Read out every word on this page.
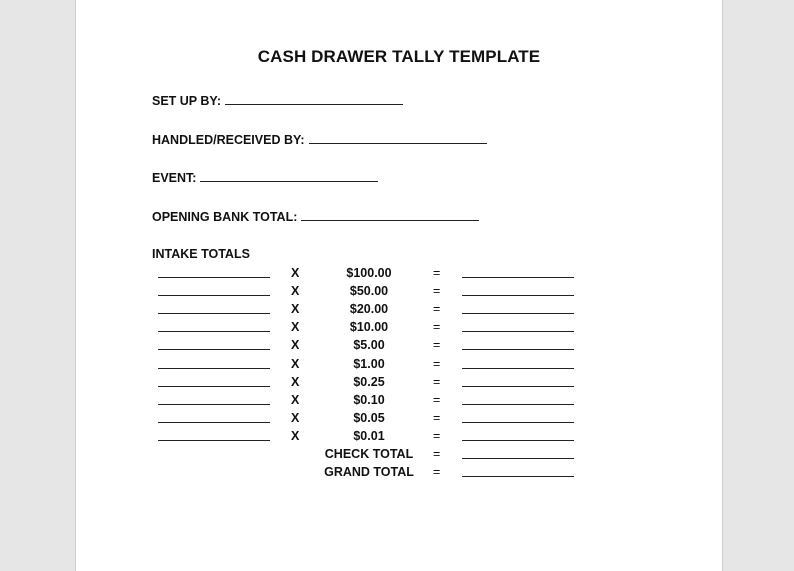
CASH DRAWER TALLY TEMPLATE
SET UP BY:
HANDLED/RECEIVED BY:
EVENT:
OPENING BANK TOTAL:
INTAKE TOTALS
X	$100.00	=
X	$50.00	=
X	$20.00	=
X	$10.00	=
X	$5.00	=
X	$1.00	=
X	$0.25	=
X	$0.10	=
X	$0.05	=
X	$0.01	=
CHECK TOTAL	=
GRAND TOTAL	=
